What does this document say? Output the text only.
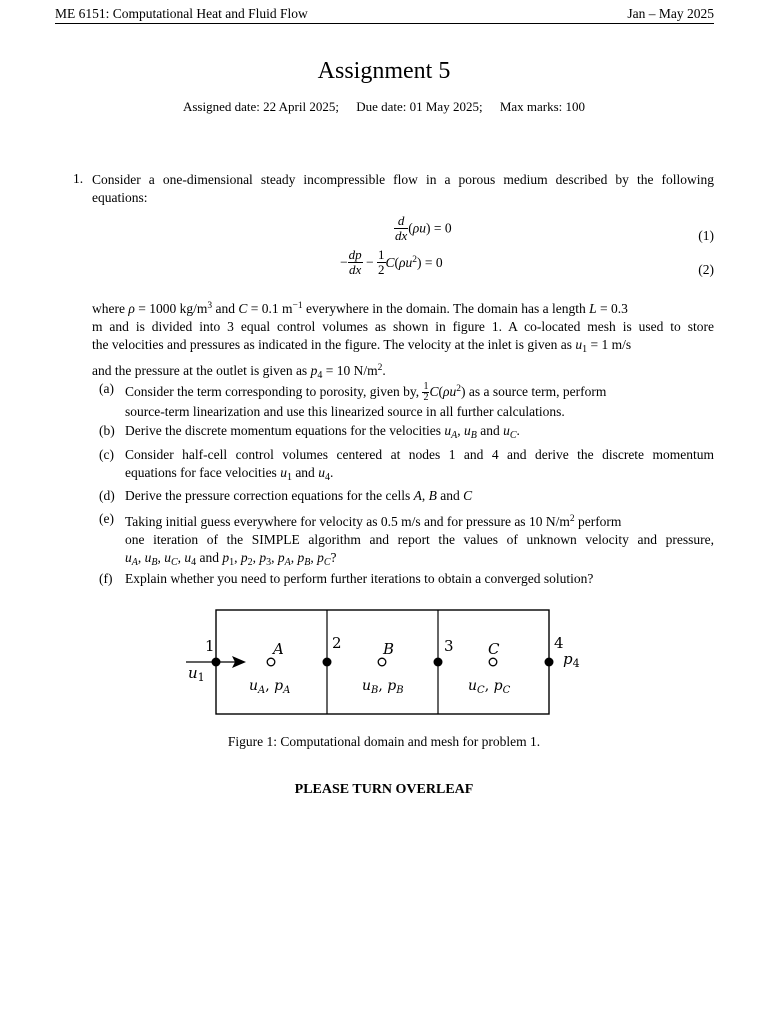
ME 6151: Computational Heat and Fluid Flow	Jan – May 2025
Assignment 5
Assigned date: 22 April 2025; Due date: 01 May 2025; Max marks: 100
1. Consider a one-dimensional steady incompressible flow in a porous medium described by the following
equations:
$\frac{d}{dx} (\rho u) = 0$	(1)
− $\frac{dp}{dx} - \frac{1}{2} C(\rho u^2) = 0$	(2)
where ρ = 1000 $kg/m^3$ and C = 0.1 $m^{-1}$ everywhere in the domain. The domain has a length L = 0.3
m and is divided into 3 equal control volumes as shown in figure 1. A co-located mesh is used to store
the velocities and pressures as indicated in the figure. The velocity at the inlet is given as $u_1 = 1$ m/s
and the pressure at the outlet is given as $p_4 = 10$ $N/m^2$.
(a) Consider the term corresponding to porosity, given by, $\frac{1}{2} C(\rho u^2)$ as a source term, perform
source-term linearization and use this linearized source in all further calculations.
(b) Derive the discrete momentum equations for the velocities $u_A$, $u_B$ and $u_C$.
(c) Consider half-cell control volumes centered at nodes 1 and 4 and derive the discrete momentum
equations for face velocities $u_1$ and $u_4$.
(d) Derive the pressure correction equations for the cells A, B and C
(e) Taking initial guess everywhere for velocity as 0.5 m/s and for pressure as 10 $N/m^2$ perform
one iteration of the SIMPLE algorithm and report the values of unknown velocity and pressure,
$u_A$, $u_B$, $u_C$, $u_4$ and $p_1$, $p_2$, $p_3$, $p_A$, $p_B$, $p_C$?
(f) Explain whether you need to perform further iterations to obtain a converged solution?
1	2	3	4
A	B	C
$u_1$
$p_4$
$u_A$, $p_A$	$u_B$, $p_B$	$u_C$, $p_C$
Figure 1: Computational domain and mesh for problem 1.
PLEASE TURN OVERLEAF
